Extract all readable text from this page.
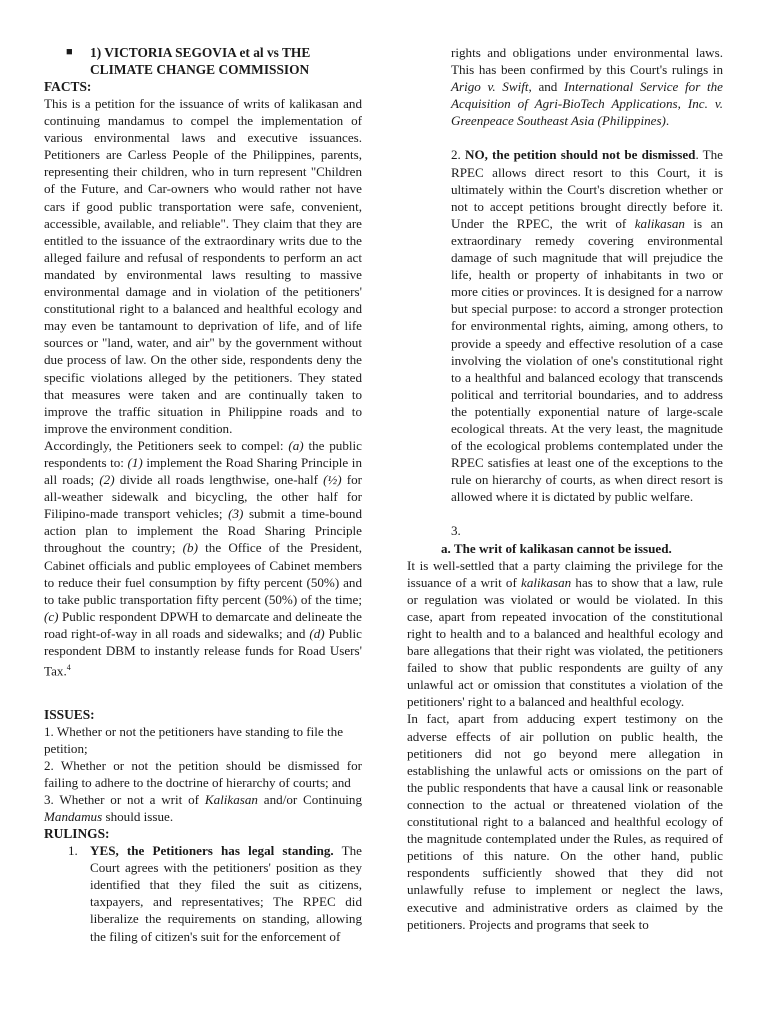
■	1) VICTORIA SEGOVIA et al vs THE CLIMATE CHANGE COMMISSION
FACTS:

This is a petition for the issuance of writs of kalikasan and continuing mandamus to compel the implementation of various environmental laws and executive issuances. Petitioners are Carless People of the Philippines, parents, representing their children, who in turn represent "Children of the Future, and Car-owners who would rather not have cars if good public transportation were safe, convenient, accessible, available, and reliable". They claim that they are entitled to the issuance of the extraordinary writs due to the alleged failure and refusal of respondents to perform an act mandated by environmental laws resulting to massive environmental damage and in violation of the petitioners' constitutional right to a balanced and healthful ecology and may even be tantamount to deprivation of life, and of life sources or "land, water, and air" by the government without due process of law. On the other side, respondents deny the specific violations alleged by the petitioners. They stated that measures were taken and are continually taken to improve the traffic situation in Philippine roads and to improve the environment condition.

Accordingly, the Petitioners seek to compel: (a) the public respondents to: (1) implement the Road Sharing Principle in all roads; (2) divide all roads lengthwise, one-half (½) for all-weather sidewalk and bicycling, the other half for Filipino-made transport vehicles; (3) submit a time-bound action plan to implement the Road Sharing Principle throughout the country; (b) the Office of the President, Cabinet officials and public employees of Cabinet members to reduce their fuel consumption by fifty percent (50%) and to take public transportation fifty percent (50%) of the time; (c) Public respondent DPWH to demarcate and delineate the road right-of-way in all roads and sidewalks; and (d) Public respondent DBM to instantly release funds for Road Users' Tax.$^4$

ISSUES:

1. Whether or not the petitioners have standing to file the petition;

2. Whether or not the petition should be dismissed for failing to adhere to the doctrine of hierarchy of courts; and

3. Whether or not a writ of Kalikasan and/or Continuing Mandamus should issue.

RULINGS:
1. YES, the Petitioners has legal standing. The Court agrees with the petitioners' position as they identified that they filed the suit as citizens, taxpayers, and representatives; The RPEC did liberalize the requirements on standing, allowing the filing of citizen's suit for the enforcement of

rights and obligations under environmental laws. This has been confirmed by this Court's rulings in Arigo v. Swift, and International Service for the Acquisition of Agri-BioTech Applications, Inc. v. Greenpeace Southeast Asia (Philippines).

2. NO, the petition should not be dismissed. The RPEC allows direct resort to this Court, it is ultimately within the Court's discretion whether or not to accept petitions brought directly before it. Under the RPEC, the writ of kalikasan is an extraordinary remedy covering environmental damage of such magnitude that will prejudice the life, health or property of inhabitants in two or more cities or provinces. It is designed for a narrow but special purpose: to accord a stronger protection for environmental rights, aiming, among others, to provide a speedy and effective resolution of a case involving the violation of one's constitutional right to a healthful and balanced ecology that transcends political and territorial boundaries, and to address the potentially exponential nature of large-scale ecological threats. At the very least, the magnitude of the ecological problems contemplated under the RPEC satisfies at least one of the exceptions to the rule on hierarchy of courts, as when direct resort is allowed where it is dictated by public welfare.

3.

a. The writ of kalikasan cannot be issued.

It is well-settled that a party claiming the privilege for the issuance of a writ of kalikasan has to show that a law, rule or regulation was violated or would be violated. In this case, apart from repeated invocation of the constitutional right to health and to a balanced and healthful ecology and bare allegations that their right was violated, the petitioners failed to show that public respondents are guilty of any unlawful act or omission that constitutes a violation of the petitioners' right to a balanced and healthful ecology.

In fact, apart from adducing expert testimony on the adverse effects of air pollution on public health, the petitioners did not go beyond mere allegation in establishing the unlawful acts or omissions on the part of the public respondents that have a causal link or reasonable connection to the actual or threatened violation of the constitutional right to a balanced and healthful ecology of the magnitude contemplated under the Rules, as required of petitions of this nature. On the other hand, public respondents sufficiently showed that they did not unlawfully refuse to implement or neglect the laws, executive and administrative orders as claimed by the petitioners. Projects and programs that seek to
